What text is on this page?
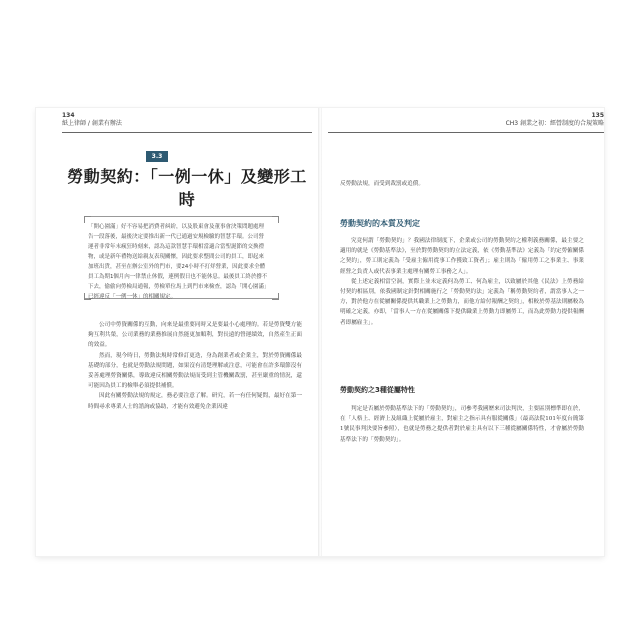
134
紙上律師 / 創業有辦法
3.3
勞動契約：「一例一休」及變形工時

「開心園滿」好不容易把消費者糾紛，以及股東會及董事會決策問題處理告一段落後，最後決定要推出新一代已通過安規檢驗的智慧手環。公司營運者非常年末瘋狂時刻來，認為這款智慧手環相當適合當聖誕節的交換禮物，或是新年禮物送給親友表現關懷，因此要求整間公司的員工，即起來加班出貨，甚至在辦公室外的門市，要24小時不打烊營業，因此要求全體員工為期1個月內一律禁止休假，連例假日也不能休息。最後員工終於撐不下去，偷偷向勞檢局通報，勞檢單位馬上到門市來檢查，認為「開心園滿」已經違反「一例一休」的相關規定。

公司中勞資關係的互動，向來是最重要同時又是要最小心處理的。若是勞資雙方能夠互利共榮，公司業務的業務推展自然能更加順利，對長遠的營運績效，自然產生正面的效益。

然而，現今時日，勞動法規時常修訂更迭，身為創業者或企業主，對於勞資關係最基礎的部分，也就是勞動法規問題，如果沒有清楚理解或注意，可能會在許多環節沒有妥善處理勞資關係，導致違反相關勞動法規而受到主管機關裁罰，甚至嚴重的情況，還可能因為員工的檢舉必須提供補償。

因此有關勞動法規的規定，務必要注意了解。研究，若一有任何疑問，最好在第一時間尋求專業人士的諮詢或協助，才能有效避免企業因違

135
CH3 創業之初：經營制度的合規策略

反勞動法規，而受到裁罰或追償。

勞動契約的本質及判定

究竟何謂「勞動契約」？我國法律制度下，企業或公司的勞動契約之權利義務關係，最主要之適用的就是《勞動基準法》，至於對勞動契約的立法定義，依《勞動基準法》定義為「約定勞僱關係之契約」，勞工則定義為「受雇主僱用從事工作獲致工資者」；雇主則為「僱用勞工之事業主、事業經營之負責人或代表事業主處理有關勞工事務之人」。

從上述定義相當空洞，實際上並未定義何為勞工、何為雇主，以致屬於其他《民法》上勞務給付契約相區別，依我國制定針對相關施行之「勞動契約法」定義為「稱勞動契約者，謂當事人之一方，對於他方在從屬關係提供其職業上之勞動力，而他方給付報酬之契約」，相較於勞基法則屬較為明確之定義，亦即，「當事人一方在從屬關係下提供職業上勞動力即屬勞工，而為此勞動力提供報酬者即屬雇主」。

勞動契約之3種從屬特性

判定是否屬於勞動基準法下的「勞動契約」，司參考我國歷來司法判決，主要區別標準即在於，在「人格上、經濟上及組織上從屬於雇主，對雇主之指示具有服從關係」（最高法院101年度台簡第1號民事判決要旨參照），也就是勞務之提供者對於雇主具有以下三種從屬關係特性，才會屬於勞動基準法下的「勞動契約」。
